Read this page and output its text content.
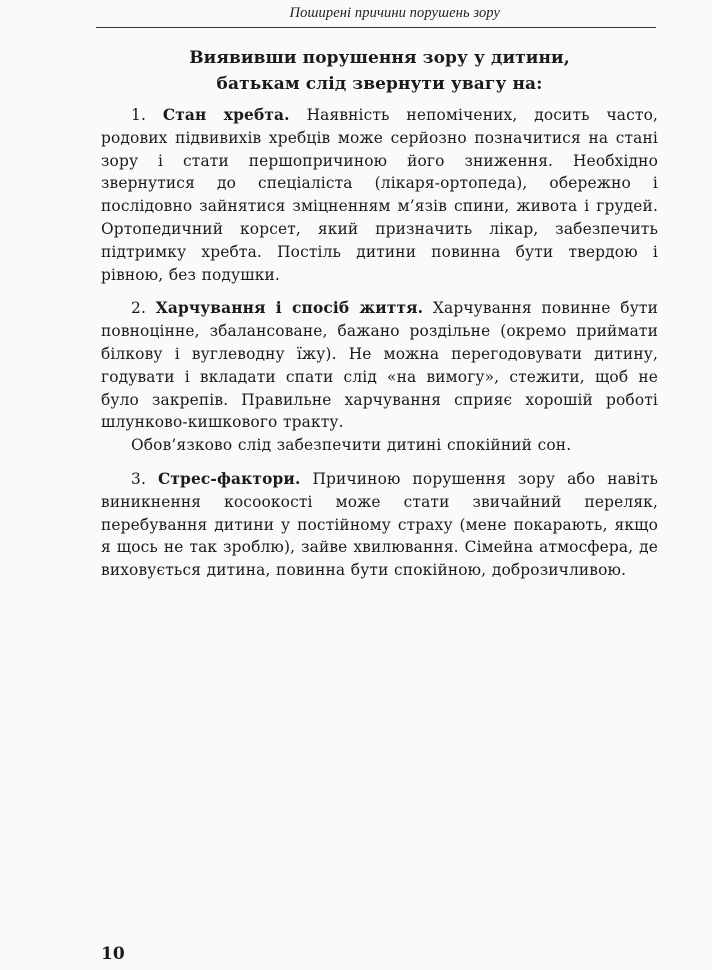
Поширені причини порушень зору
Виявивши порушення зору у дитини,
батькам слід звернути увагу на:

1. Стан хребта. Наявність непомічених, досить часто, родових підвивихів хребців може серйозно позначитися на стані зору і стати першопричиною його зниження. Необхідно звернутися до спеціаліста (лікаря-ортопеда), обережно і послідовно зайнятися зміцненням м’язів спини, живота і грудей. Ортопедичний корсет, який призначить лікар, забезпечить підтримку хребта. Постіль дитини повинна бути твердою і рівною, без подушки.

2. Харчування і спосіб життя. Харчування повинне бути повноцінне, збалансоване, бажано роздільне (окремо приймати білкову і вуглеводну їжу). Не можна перегодовувати дитину, годувати і вкладати спати слід «на вимогу», стежити, щоб не було закрепів. Правильне харчування сприяє хорошій роботі шлунково-кишкового тракту.

Обов’язково слід забезпечити дитині спокійний сон.

3. Стрес-фактори. Причиною порушення зору або навіть виникнення косоокості може стати звичайний переляк, перебування дитини у постійному страху (мене покарають, якщо я щось не так зроблю), зайве хвилювання. Сімейна атмосфера, де виховується дитина, повинна бути спокійною, доброзичливою.

10
